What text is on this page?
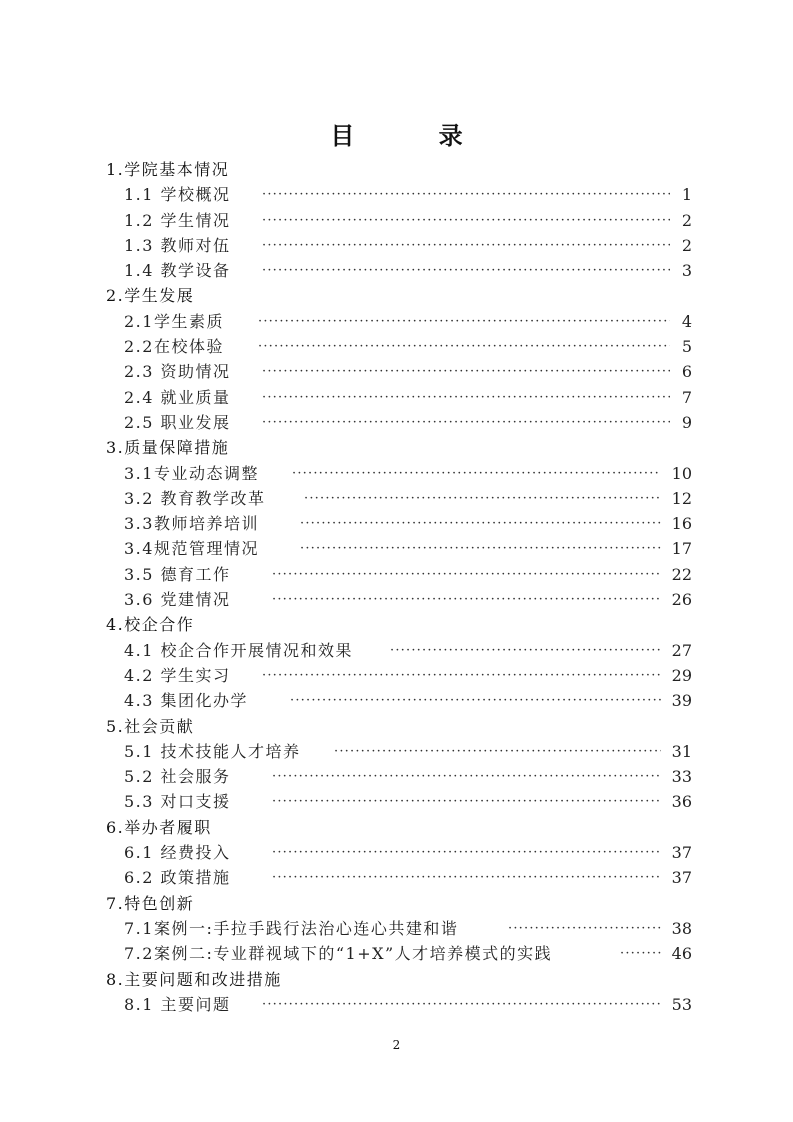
目 录
1.学院基本情况
1.1 学校概况 ·····	1
1.2 学生情况 ·····	2
1.3 教师对伍 ·····	2
1.4 教学设备 ·····	3
2.学生发展
2.1学生素质 ·····	4
2.2在校体验 ·····	5
2.3 资助情况 ·····	6
2.4 就业质量 ·····	7
2.5 职业发展 ·····	9
3.质量保障措施
3.1专业动态调整 ·····	10
3.2 教育教学改革 ·····	12
3.3教师培养培训 ·····	16
3.4规范管理情况 ·····	17
3.5 德育工作 ·····	22
3.6 党建情况 ·····	26
4.校企合作
4.1 校企合作开展情况和效果 ·····	27
4.2 学生实习 ·····	29
4.3 集团化办学 ·····	39
5.社会贡献
5.1 技术技能人才培养 ·····	31
5.2 社会服务 ·····	33
5.3 对口支援 ·····	36
6.举办者履职
6.1 经费投入 ·····	37
6.2 政策措施 ·····	37
7.特色创新
7.1案例一:手拉手践行法治心连心共建和谐 ·····	38
7.2案例二:专业群视域下的“1+X”人才培养模式的实践 ·····	46
8.主要问题和改进措施
8.1 主要问题 ·····	53
2
